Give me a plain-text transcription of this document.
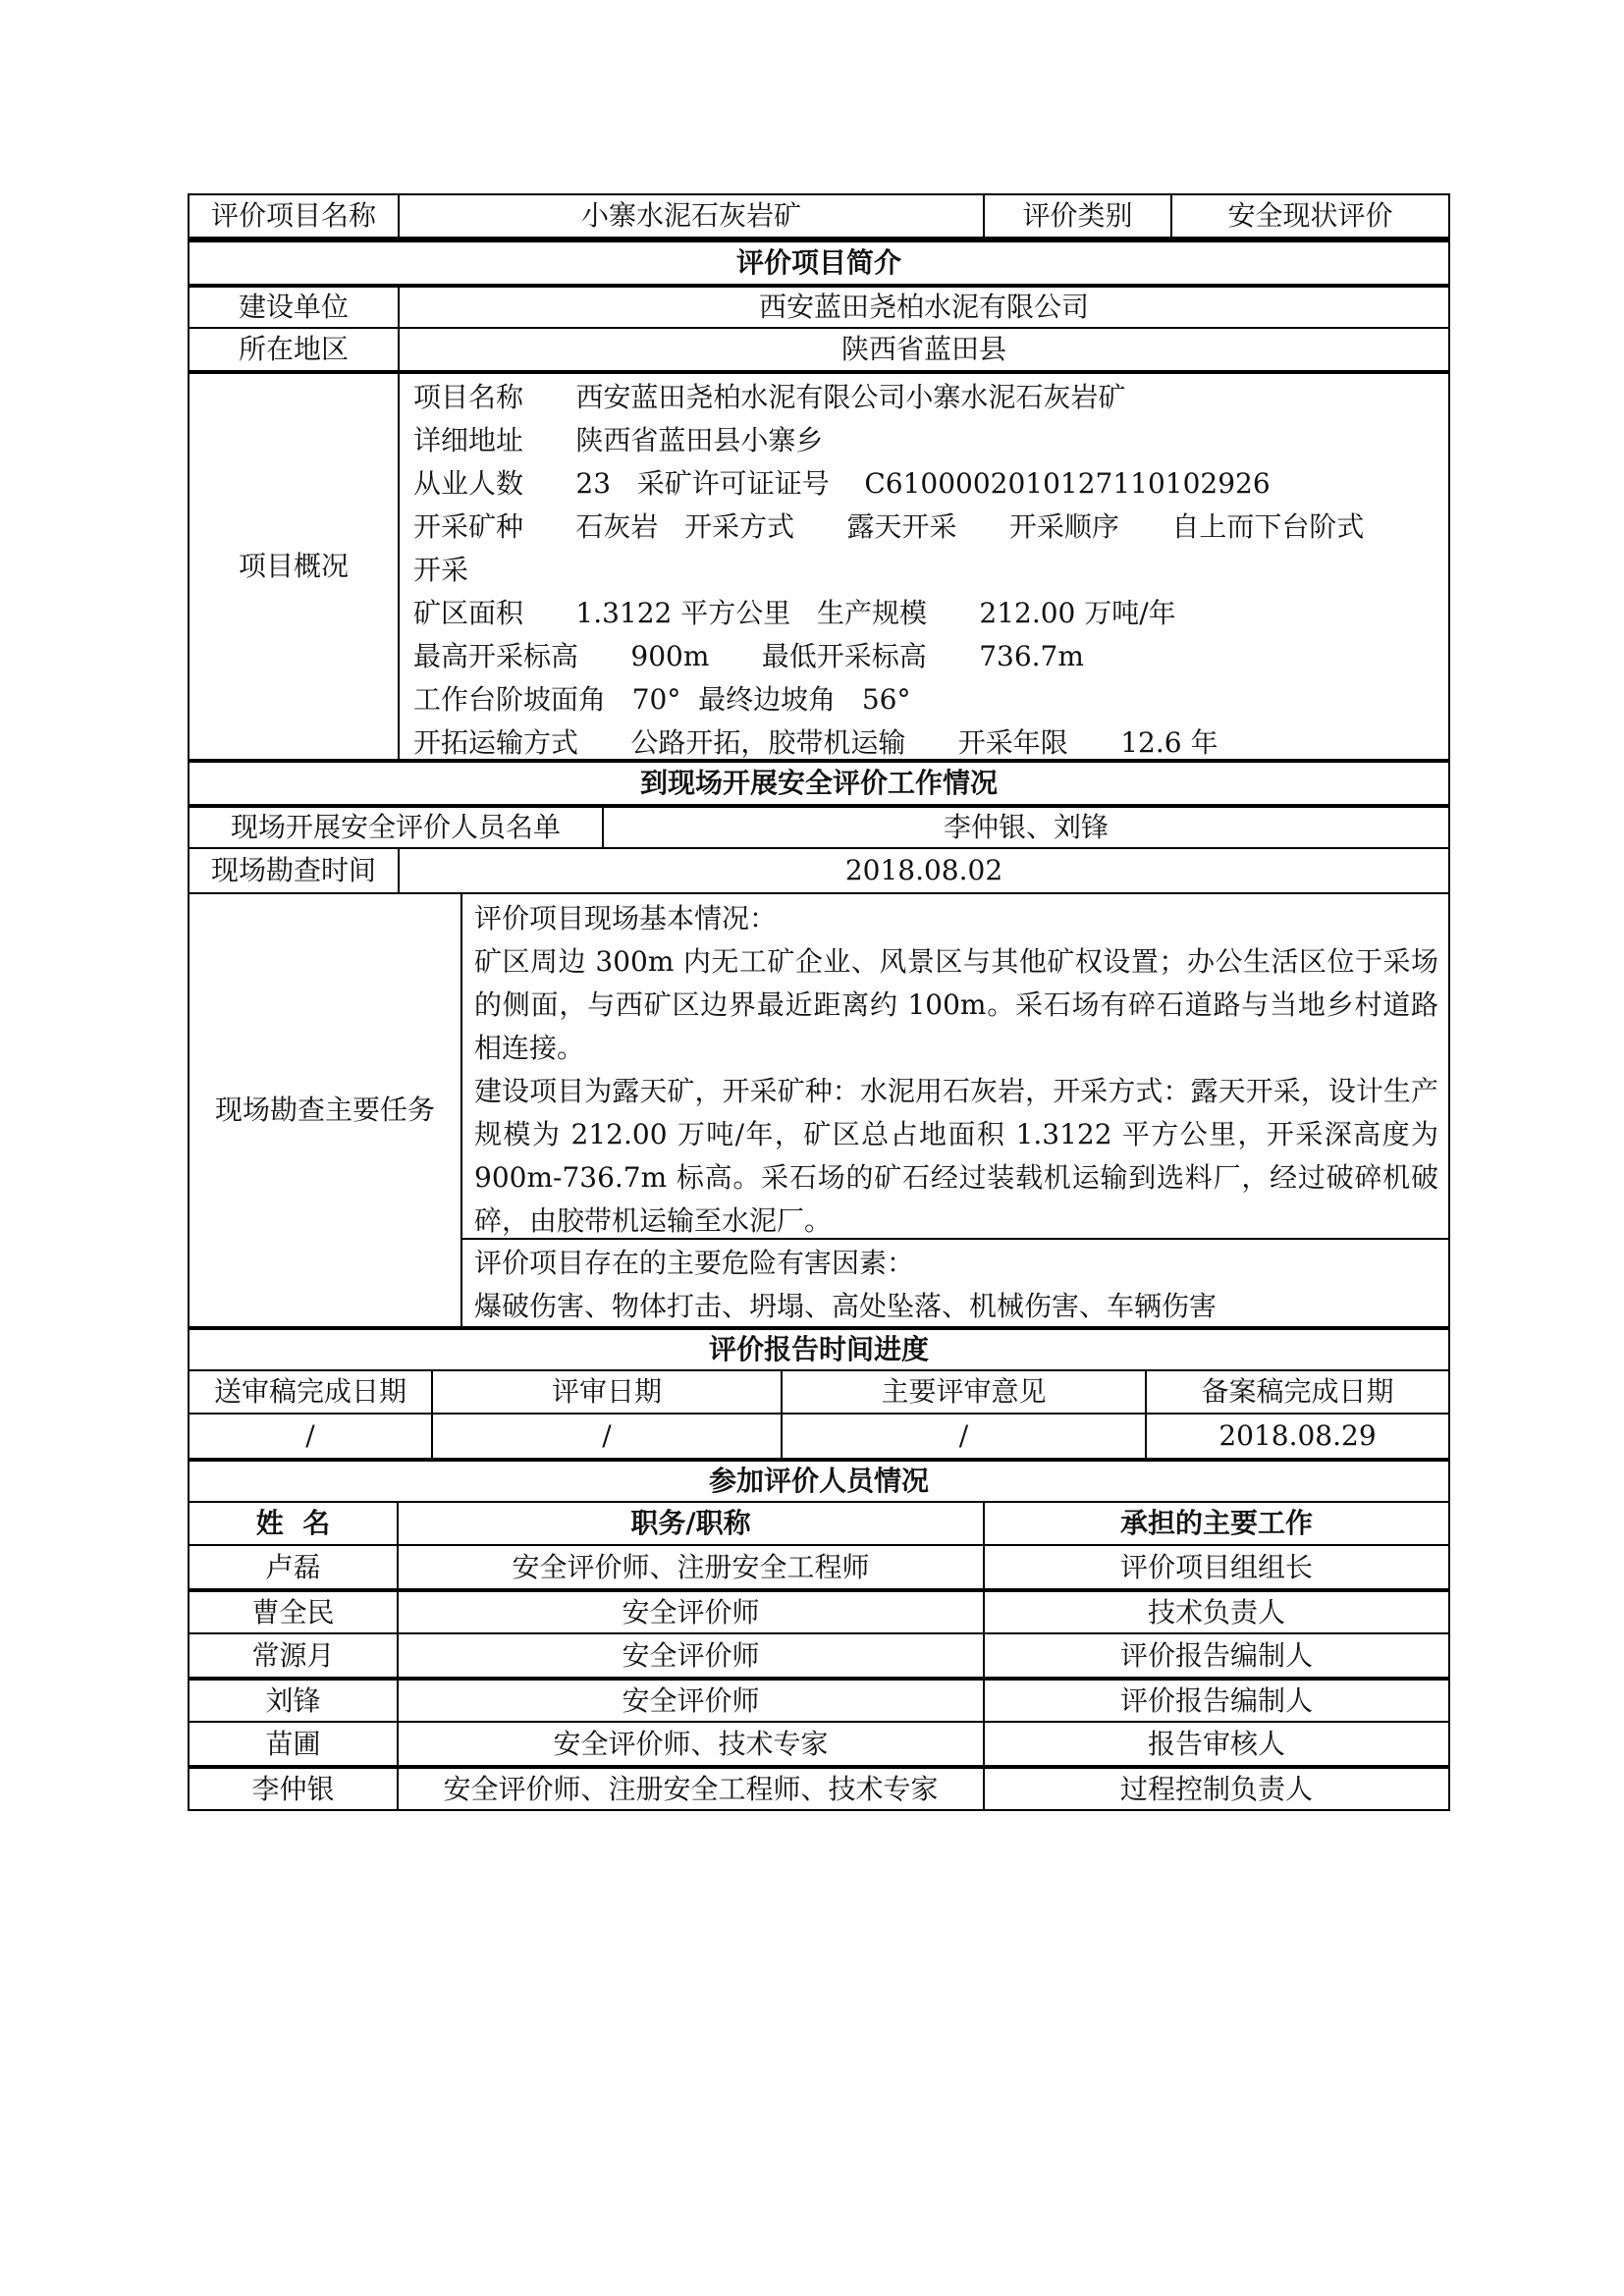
评价项目名称	小寨水泥石灰岩矿	评价类别	安全现状评价
评价项目简介
建设单位	西安蓝田尧柏水泥有限公司
所在地区	陕西省蓝田县
项目概况
项目名称      西安蓝田尧柏水泥有限公司小寨水泥石灰岩矿
详细地址      陕西省蓝田县小寨乡
从业人数      23   采矿许可证证号    C6100002010127110102926
开采矿种      石灰岩   开采方式      露天开采      开采顺序      自上而下台阶式
开采
矿区面积      1.3122 平方公里   生产规模      212.00 万吨/年
最高开采标高      900m      最低开采标高      736.7m
工作台阶坡面角   70°  最终边坡角   56°
开拓运输方式      公路开拓，胶带机运输      开采年限      12.6 年
到现场开展安全评价工作情况
现场开展安全评价人员名单	李仲银、刘锋
现场勘查时间	2018.08.02
现场勘查主要任务
评价项目现场基本情况：
矿区周边 300m 内无工矿企业、风景区与其他矿权设置；办公生活区位于采场的侧面，与西矿区边界最近距离约 100m。采石场有碎石道路与当地乡村道路相连接。
建设项目为露天矿，开采矿种：水泥用石灰岩，开采方式：露天开采，设计生产规模为 212.00 万吨/年，矿区总占地面积 1.3122 平方公里，开采深高度为 900m-736.7m 标高。采石场的矿石经过装载机运输到选料厂，经过破碎机破碎，由胶带机运输至水泥厂。
评价项目存在的主要危险有害因素：
爆破伤害、物体打击、坍塌、高处坠落、机械伤害、车辆伤害
评价报告时间进度
送审稿完成日期	评审日期	主要评审意见	备案稿完成日期
/	/	/	2018.08.29
参加评价人员情况
姓  名	职务/职称	承担的主要工作
卢磊	安全评价师、注册安全工程师	评价项目组组长
曹全民	安全评价师	技术负责人
常源月	安全评价师	评价报告编制人
刘锋	安全评价师	评价报告编制人
苗圃	安全评价师、技术专家	报告审核人
李仲银	安全评价师、注册安全工程师、技术专家	过程控制负责人
